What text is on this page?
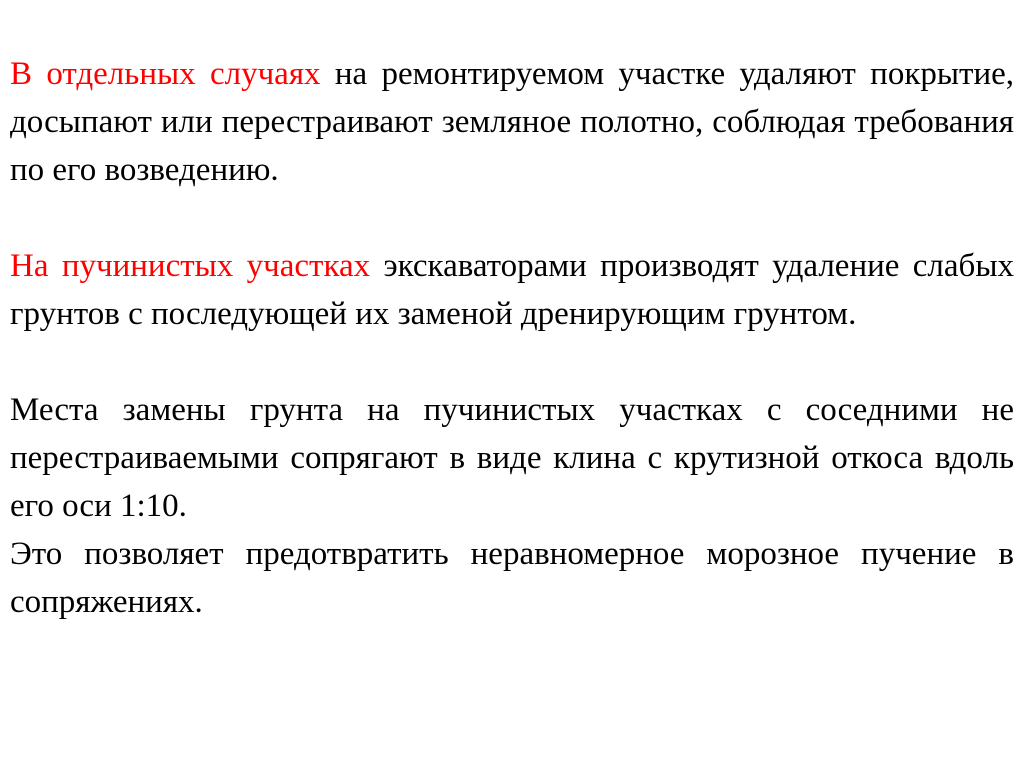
В отдельных случаях на ремонтируемом участке удаляют покрытие, досыпают или перестраивают земляное полотно, соблюдая требования по его возведению.

На пучинистых участках экскаваторами производят удаление слабых грунтов с последующей их заменой дренирующим грунтом.

Места замены грунта на пучинистых участках с соседними не перестраиваемыми сопрягают в виде клина с крутизной откоса вдоль его оси 1:10.

Это позволяет предотвратить неравномерное морозное пучение в сопряжениях.
